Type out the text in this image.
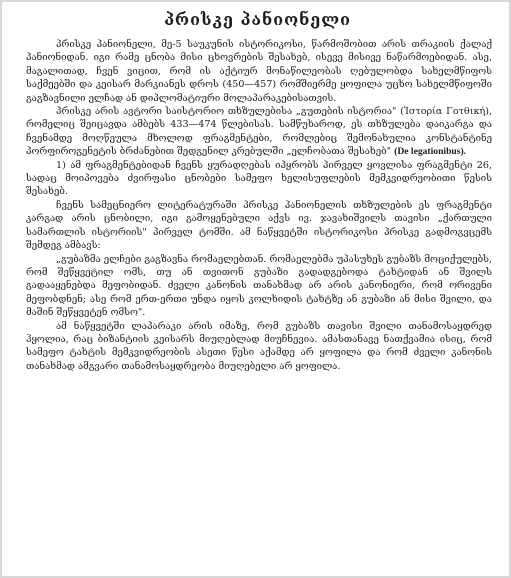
პრისკე პანიონელი

პრისკე პანიონელი, მე-5 საუკუნის ისტორიკოსი, წარმოშობით არის თრაკიის ქალაქ პანიონიდან. იგი რამე ცნობა მისი ცხოვრების შესახებ, ისევე მისივე ნაწარმოებიდან. ასე, მაგალითად, ჩვენ ვიცით, რომ ის აქტიურ მონაწილეობას ღებულობდა სახელმწიფოს საქმეებში და კეისარ მარკიანეს დროს (450—457) რომშიერმე ყოფილა უცხო სახელმწიფოში გაგზავნილი ელჩად ან დიპლომატიური მოლაპარაკებისათვის.

პრისკე არის ავტორი საისტორიო თხზულებისა „გუთების ისტორია" (Ἱστορία Γοτθική), რომელიც შეიცავდა ამბებს 433—474 წლებისას. სამწუხაროდ, ეს თხზულება დაიკარგა და ჩვენამდე მოღწეულა მხოლოდ ფრაგმენტები, რომლებიც შემონახულია კონსტანტინე პორფიროგენეტის ბრძანებით შედგენილ კრებულში „ელჩობათა შესახებ" (De legationibus).

1) ამ ფრაგმენტებიდან ჩვენს ყურადღებას იპყრობს პირველ ყოვლისა ფრაგმენტი 26, სადაც მოიპოვება ძვირფასი ცნობები სამეფო ხელისუფლების მემკვიდრეობითი წესის შესახებ.

ჩვენს სამეცნიერო ლიტერატურაში პრისკე პანიონელის თხზულების ეს ფრაგმენტი კარგად არის ცნობილი, იგი გამოყენებული აქვს ივ. ჯავახიშვილს თავისი „ქართული სამართლის ისტორიის" პირველ ტომში. ამ ნაწყვეტში ისტორიკოსი პრისკე გადმოგვცემს შემდეგ ამბავს:

„გუბაზმა ელჩები გაგზავნა რომაელებთან. რომაელებმა უპასუხეს გუბაზს მოციქულებს, რომ შეწყვეტილ ომს, თუ ან თვითონ გუბაზი გადადგებოდა ტახტიდან ან შვილს გადააყენებდა მეფობიდან. ძველი კანონის თანახმად არ არის კანონიერი, რომ ორივენი მეფობდნენ; ასე რომ ერთ-ერთი უნდა იყოს კოლხიდის ტახტზე ან გუბაზი ან მისი შვილი, და მაშინ შეწყვეტენ ომსო".

ამ ნაწყვეტში ლაპარაკი არის იმაზე, რომ გუბაზს თავისი შვილი თანამოსაყდრედ ჰყოლია, რაც ბიზანტიის კეისარს მიუღებლად მიუჩნევია. ამასთანავე ნათქვამია ისიც, რომ სამეფო ტახტის მემკვიდრეობის ასეთი წესი აქამდე არ ყოფილა და რომ ძველი კანონის თანახმად ამგვარი თანამოსაყდრეობა მიუღებელი არ ყოფილა.
